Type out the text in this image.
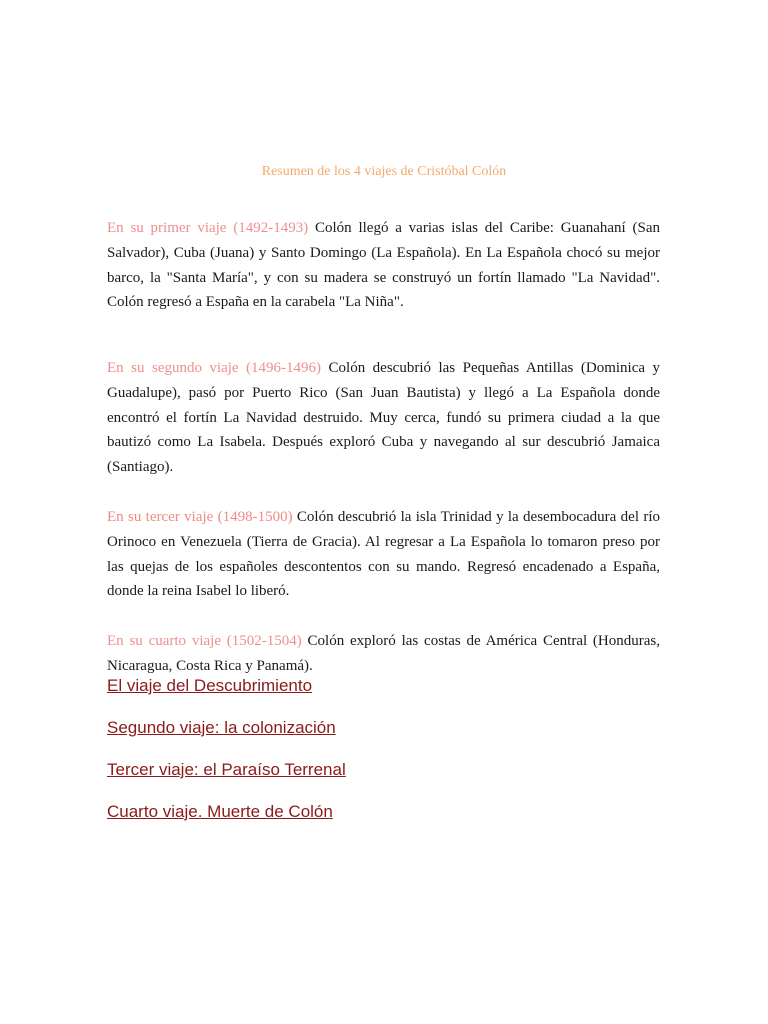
Resumen de los 4 viajes de Cristóbal Colón

En su primer viaje (1492-1493) Colón llegó a varias islas del Caribe: Guanahaní (San Salvador), Cuba (Juana) y Santo Domingo (La Española). En La Española chocó su mejor barco, la "Santa María", y con su madera se construyó un fortín llamado "La Navidad". Colón regresó a España en la carabela "La Niña".

En su segundo viaje (1496-1496) Colón descubrió las Pequeñas Antillas (Dominica y Guadalupe), pasó por Puerto Rico (San Juan Bautista) y llegó a La Española donde encontró el fortín La Navidad destruido. Muy cerca, fundó su primera ciudad a la que bautizó como La Isabela. Después exploró Cuba y navegando al sur descubrió Jamaica (Santiago).

En su tercer viaje (1498-1500) Colón descubrió la isla Trinidad y la desembocadura del río Orinoco en Venezuela (Tierra de Gracia). Al regresar a La Española lo tomaron preso por las quejas de los españoles descontentos con su mando. Regresó encadenado a España, donde la reina Isabel lo liberó.

En su cuarto viaje (1502-1504) Colón exploró las costas de América Central (Honduras, Nicaragua, Costa Rica y Panamá).

El viaje del Descubrimiento
Segundo viaje: la colonización
Tercer viaje: el Paraíso Terrenal
Cuarto viaje. Muerte de Colón
